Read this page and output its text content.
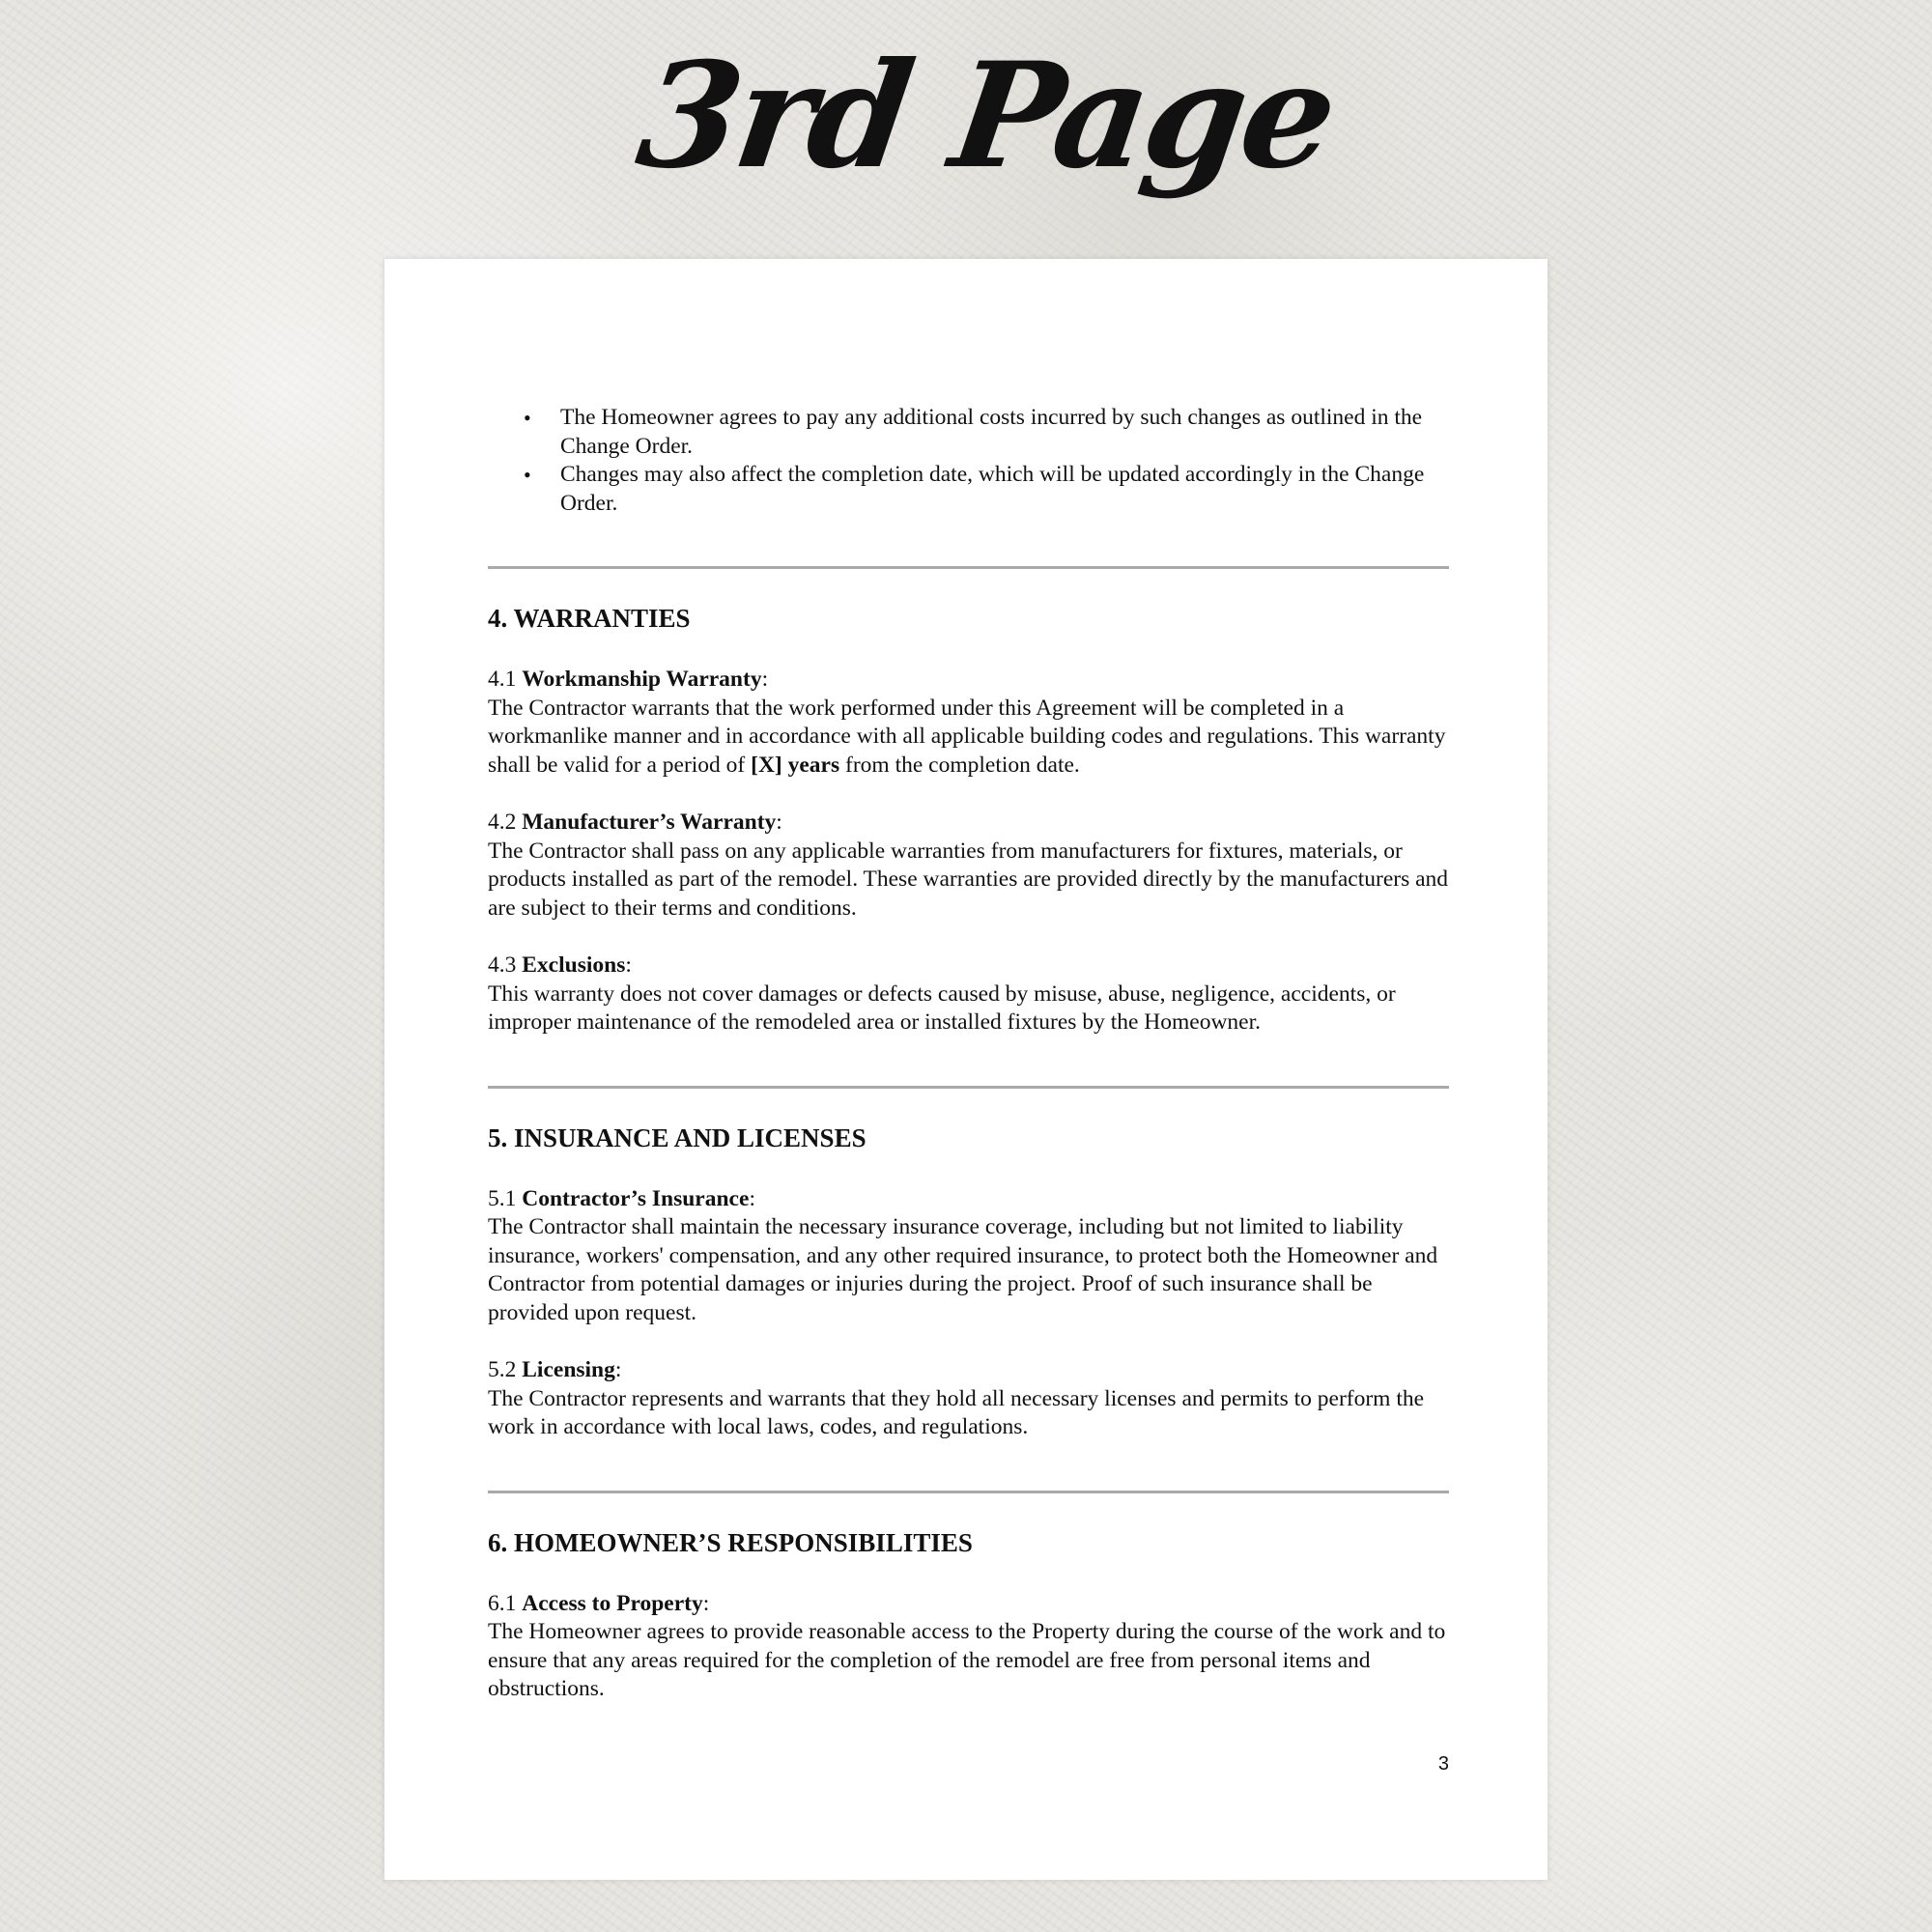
3rd Page
• The Homeowner agrees to pay any additional costs incurred by such changes as outlined in the Change Order.
• Changes may also affect the completion date, which will be updated accordingly in the Change Order.
4. WARRANTIES

4.1 Workmanship Warranty:

The Contractor warrants that the work performed under this Agreement will be completed in a workmanlike manner and in accordance with all applicable building codes and regulations. This warranty shall be valid for a period of [X] years from the completion date.

4.2 Manufacturer’s Warranty:

The Contractor shall pass on any applicable warranties from manufacturers for fixtures, materials, or products installed as part of the remodel. These warranties are provided directly by the manufacturers and are subject to their terms and conditions.

4.3 Exclusions:

This warranty does not cover damages or defects caused by misuse, abuse, negligence, accidents, or improper maintenance of the remodeled area or installed fixtures by the Homeowner.

5. INSURANCE AND LICENSES

5.1 Contractor’s Insurance:

The Contractor shall maintain the necessary insurance coverage, including but not limited to liability insurance, workers' compensation, and any other required insurance, to protect both the Homeowner and Contractor from potential damages or injuries during the project. Proof of such insurance shall be provided upon request.

5.2 Licensing:

The Contractor represents and warrants that they hold all necessary licenses and permits to perform the work in accordance with local laws, codes, and regulations.

6. HOMEOWNER’S RESPONSIBILITIES

6.1 Access to Property:

The Homeowner agrees to provide reasonable access to the Property during the course of the work and to ensure that any areas required for the completion of the remodel are free from personal items and obstructions.

3
